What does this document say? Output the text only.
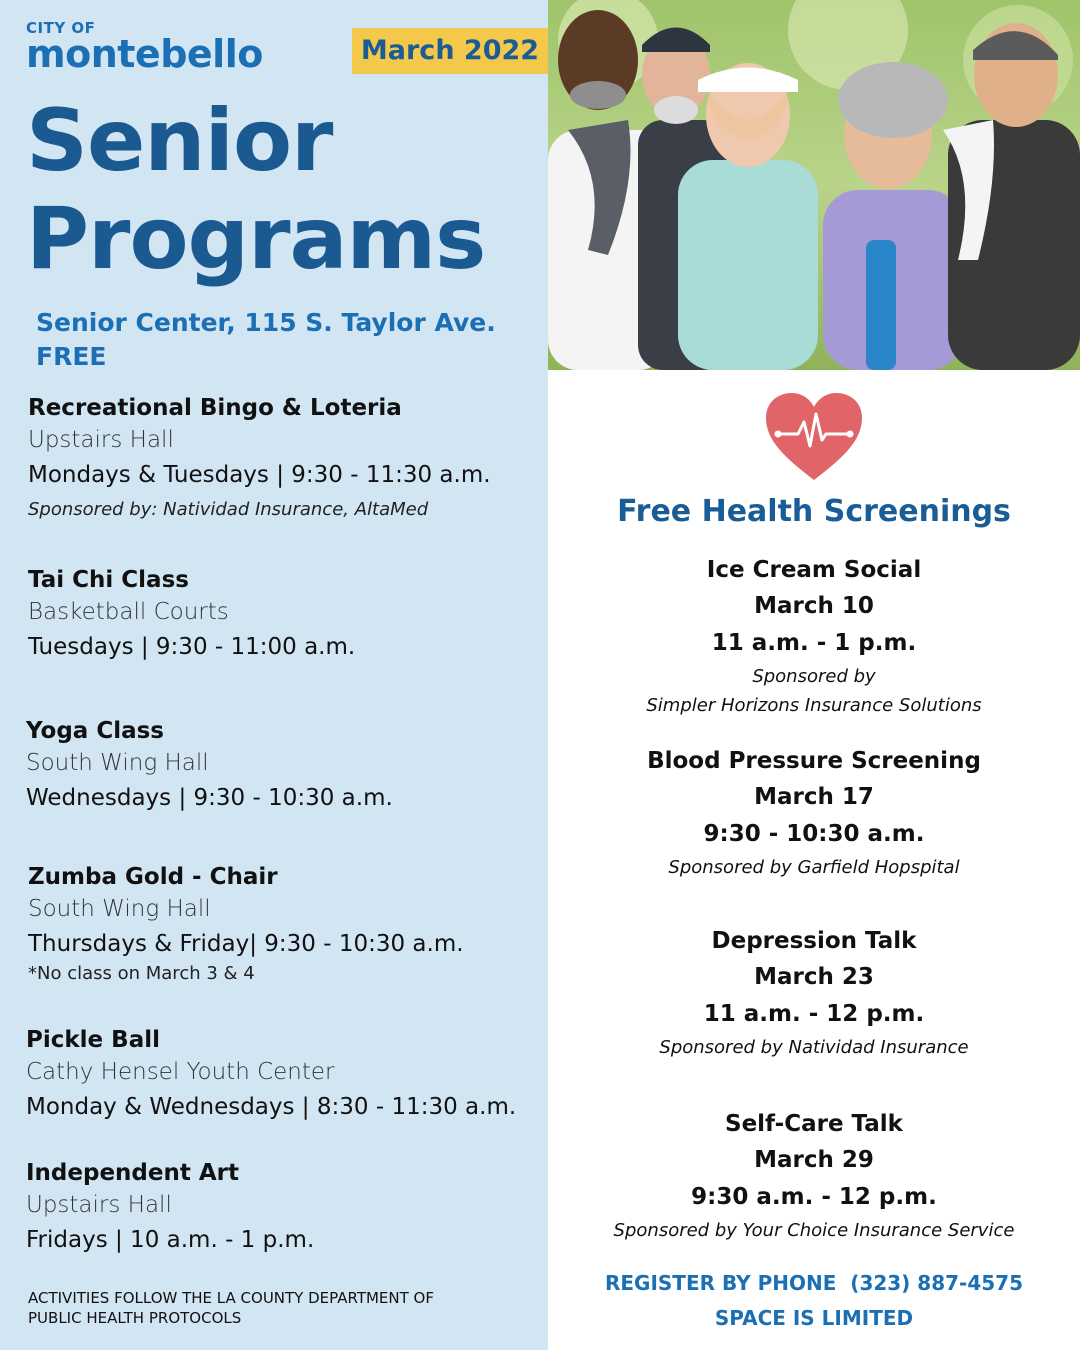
CITY OF
montebello	March 2022
Senior
Programs
Senior Center, 115 S. Taylor Ave.
FREE
Recreational Bingo & Loteria
Upstairs Hall
Mondays & Tuesdays | 9:30 - 11:30 a.m.
Sponsored by: Natividad Insurance, AltaMed
Tai Chi Class
Basketball Courts
Tuesdays | 9:30 - 11:00 a.m.
Yoga Class
South Wing Hall
Wednesdays | 9:30 - 10:30 a.m.
Zumba Gold - Chair
South Wing Hall
Thursdays & Friday| 9:30 - 10:30 a.m.
*No class on March 3 & 4
Pickle Ball
Cathy Hensel Youth Center
Monday & Wednesdays | 8:30 - 11:30 a.m.
Independent Art
Upstairs Hall
Fridays | 10 a.m. - 1 p.m.
ACTIVITIES FOLLOW THE LA COUNTY DEPARTMENT OF
PUBLIC HEALTH PROTOCOLS
Free Health Screenings
Ice Cream Social
March 10
11 a.m. - 1 p.m.
Sponsored by
Simpler Horizons Insurance Solutions
Blood Pressure Screening
March 17
9:30 - 10:30 a.m.
Sponsored by Garfield Hopspital
Depression Talk
March 23
11 a.m. - 12 p.m.
Sponsored by Natividad Insurance
Self-Care Talk
March 29
9:30 a.m. - 12 p.m.
Sponsored by Your Choice Insurance Service
REGISTER BY PHONE  (323) 887-4575
SPACE IS LIMITED
